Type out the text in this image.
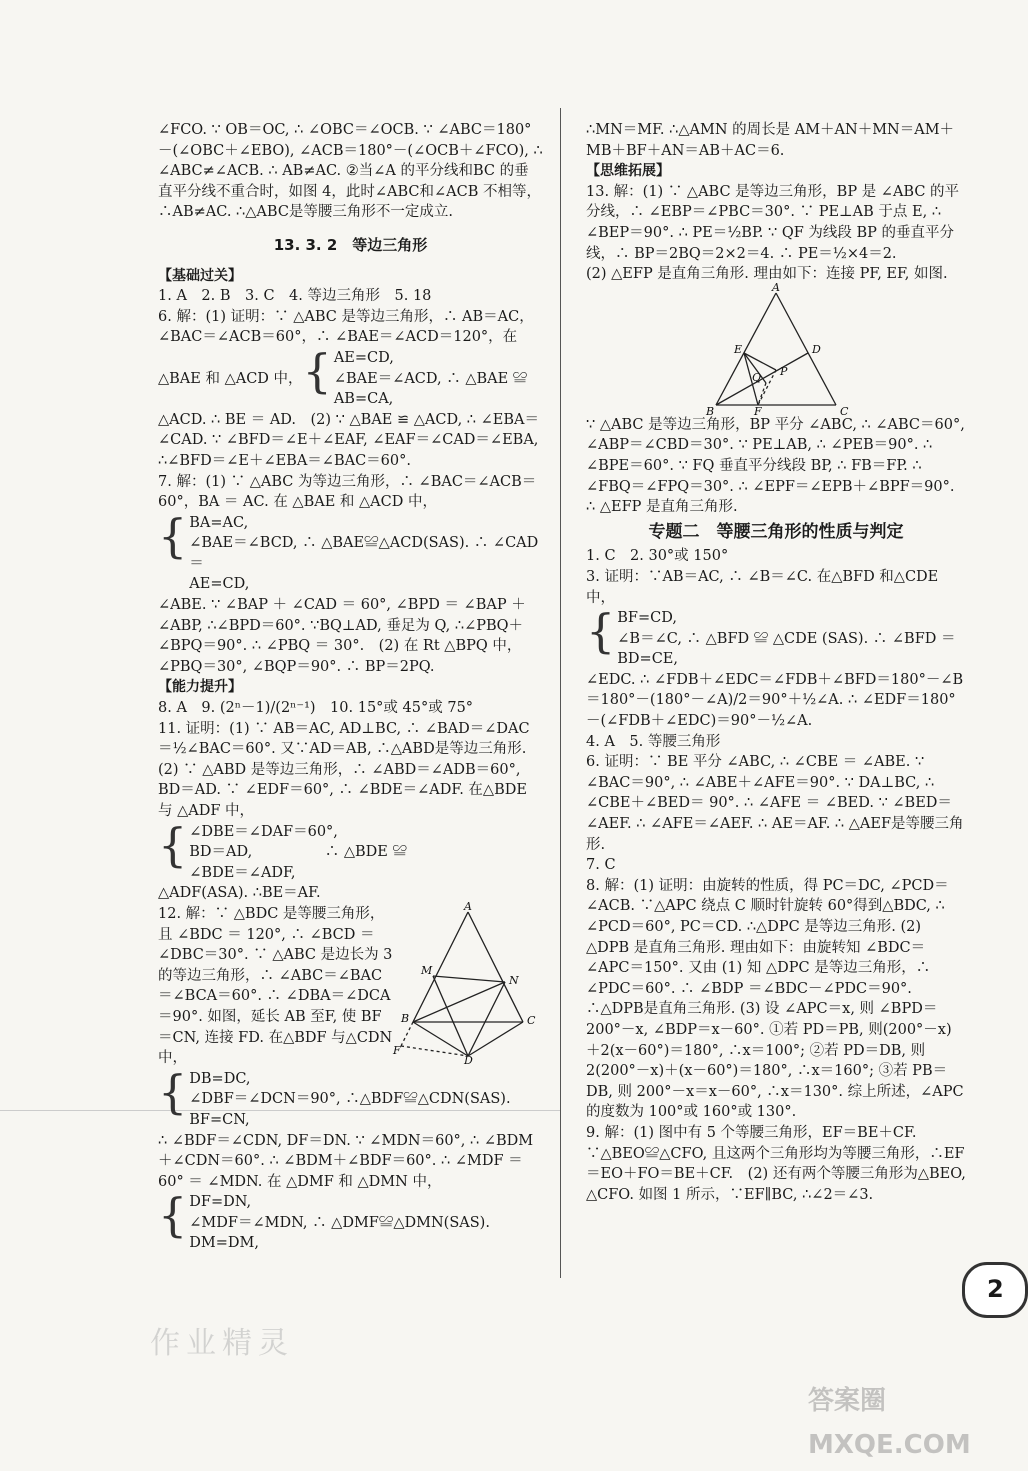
∠FCO. ∵ OB＝OC, ∴ ∠OBC＝∠OCB. ∵ ∠ABC＝180°－(∠OBC＋∠EBO), ∠ACB＝180°－(∠OCB＋∠FCO), ∴ ∠ABC≠∠ACB. ∴ AB≠AC. ②当∠A 的平分线和BC 的垂直平分线不重合时，如图 4，此时∠ABC和∠ACB 不相等，∴AB≠AC. ∴△ABC是等腰三角形不一定成立.

13. 3. 2　等边三角形

【基础过关】

1. A　2. B　3. C　4. 等边三角形　5. 18

6. 解：(1) 证明：∵ △ABC 是等边三角形，∴ AB＝AC，∠BAC＝∠ACB＝60°，∴ ∠BAE＝∠ACD＝120°，在

△BAE 和 △ACD 中， { AE=CD,

∠BAE＝∠ACD, ∴ △BAE ≌

AB=CA,

△ACD. ∴ BE ＝ AD.　(2) ∵ △BAE ≌ △ACD, ∴ ∠EBA＝∠CAD. ∵ ∠BFD＝∠E＋∠EAF, ∠EAF＝∠CAD＝∠EBA, ∴∠BFD＝∠E＋∠EBA＝∠BAC＝60°.

7. 解：(1) ∵ △ABC 为等边三角形，∴ ∠BAC＝∠ACB＝60°，BA ＝ AC. 在 △BAE 和 △ACD 中，

{ BA=AC,

∠BAE＝∠BCD, ∴ △BAE≌△ACD(SAS). ∴ ∠CAD＝

AE=CD,

∠ABE. ∵ ∠BAP ＋ ∠CAD ＝ 60°, ∠BPD ＝ ∠BAP ＋ ∠ABP, ∴∠BPD＝60°. ∵BQ⊥AD, 垂足为 Q, ∴∠PBQ＋∠BPQ＝90°. ∴ ∠PBQ ＝ 30°.　(2) 在 Rt △BPQ 中，∠PBQ＝30°, ∠BQP＝90°. ∴ BP＝2PQ.

【能力提升】

8. A　9. (2ⁿ－1)/(2ⁿ⁻¹)　10. 15°或 45°或 75°

11. 证明：(1) ∵ AB＝AC, AD⊥BC, ∴ ∠BAD＝∠DAC＝½∠BAC＝60°. 又∵AD＝AB, ∴△ABD是等边三角形. (2) ∵ △ABD 是等边三角形，∴ ∠ABD＝∠ADB＝60°, BD＝AD. ∵ ∠EDF＝60°, ∴ ∠BDE＝∠ADF. 在△BDE 与 △ADF 中，

{ ∠DBE＝∠DAF＝60°,

BD＝AD,　　　　　∴ △BDE ≌

∠BDE＝∠ADF,

△ADF(ASA). ∴BE＝AF.

12. 解：∵ △BDC 是等腰三角形，且 ∠BDC ＝ 120°, ∴ ∠BCD ＝ ∠DBC＝30°. ∵ △ABC 是边长为 3 的等边三角形，∴ ∠ABC＝∠BAC＝∠BCA＝60°. ∴ ∠DBA＝∠DCA＝90°. 如图，延长 AB 至F, 使 BF＝CN, 连接 FD. 在△BDF 与△CDN 中，

A
M
N
B	C
F
D
{ DB=DC,

∠DBF＝∠DCN＝90°, ∴△BDF≌△CDN(SAS).

BF=CN,

∴ ∠BDF＝∠CDN, DF＝DN. ∵ ∠MDN＝60°, ∴ ∠BDM＋∠CDN＝60°. ∴ ∠BDM＋∠BDF＝60°. ∴ ∠MDF ＝ 60° ＝ ∠MDN. 在 △DMF 和 △DMN 中，

{ DF=DN,

∠MDF＝∠MDN, ∴ △DMF≌△DMN(SAS).

DM=DM,

∴MN＝MF. ∴△AMN 的周长是 AM＋AN＋MN＝AM＋MB＋BF＋AN＝AB＋AC＝6.

【思维拓展】

13. 解：(1) ∵ △ABC 是等边三角形，BP 是 ∠ABC 的平分线，∴ ∠EBP＝∠PBC＝30°. ∵ PE⊥AB 于点 E, ∴ ∠BEP＝90°. ∴ PE＝½BP. ∵ QF 为线段 BP 的垂直平分线，∴ BP＝2BQ＝2×2＝4. ∴ PE＝½×4＝2.

(2) △EFP 是直角三角形. 理由如下：连接 PF, EF, 如图.

A
E	D
Q P
B	F	C

∵ △ABC 是等边三角形，BP 平分 ∠ABC, ∴ ∠ABC＝60°, ∠ABP＝∠CBD＝30°. ∵ PE⊥AB, ∴ ∠PEB＝90°. ∴ ∠BPE＝60°. ∵ FQ 垂直平分线段 BP, ∴ FB＝FP. ∴ ∠FBQ＝∠FPQ＝30°. ∴ ∠EPF＝∠EPB＋∠BPF＝90°. ∴ △EFP 是直角三角形.

专题二　等腰三角形的性质与判定

1. C　2. 30°或 150°

3. 证明：∵AB＝AC, ∴ ∠B＝∠C. 在△BFD 和△CDE 中，

{ BF=CD,

∠B＝∠C, ∴ △BFD ≌ △CDE (SAS). ∴ ∠BFD ＝

BD=CE,

∠EDC. ∴ ∠FDB＋∠EDC＝∠FDB＋∠BFD＝180°－∠B＝180°－(180°－∠A)/2＝90°＋½∠A. ∴ ∠EDF＝180°－(∠FDB＋∠EDC)＝90°－½∠A.

4. A　5. 等腰三角形

6. 证明：∵ BE 平分 ∠ABC, ∴ ∠CBE ＝ ∠ABE. ∵ ∠BAC＝90°, ∴ ∠ABE＋∠AFE＝90°. ∵ DA⊥BC, ∴ ∠CBE＋∠BED＝ 90°. ∴ ∠AFE ＝ ∠BED. ∵ ∠BED＝∠AEF. ∴ ∠AFE＝∠AEF. ∴ AE＝AF. ∴ △AEF是等腰三角形.

7. C

8. 解：(1) 证明：由旋转的性质，得 PC＝DC, ∠PCD＝∠ACB. ∵△APC 绕点 C 顺时针旋转 60°得到△BDC, ∴ ∠PCD＝60°, PC＝CD. ∴△DPC 是等边三角形. (2) △DPB 是直角三角形. 理由如下：由旋转知 ∠BDC＝∠APC＝150°. 又由 (1) 知 △DPC 是等边三角形，∴ ∠PDC＝60°. ∴ ∠BDP ＝∠BDC－∠PDC＝90°. ∴△DPB是直角三角形. (3) 设 ∠APC＝x, 则 ∠BPD＝200°－x, ∠BDP＝x－60°. ①若 PD＝PB, 则(200°－x)＋2(x－60°)＝180°, ∴x＝100°; ②若 PD＝DB, 则 2(200°－x)＋(x－60°)＝180°, ∴x＝160°; ③若 PB＝DB, 则 200°－x＝x－60°, ∴x＝130°. 综上所述，∠APC 的度数为 100°或 160°或 130°.

9. 解：(1) 图中有 5 个等腰三角形，EF＝BE＋CF. ∵△BEO≌△CFO, 且这两个三角形均为等腰三角形，∴EF＝EO＋FO＝BE＋CF.　(2) 还有两个等腰三角形为△BEO, △CFO. 如图 1 所示，∵EF∥BC, ∴∠2＝∠3.

2
作业精灵
答案圈
MXQE.COM
